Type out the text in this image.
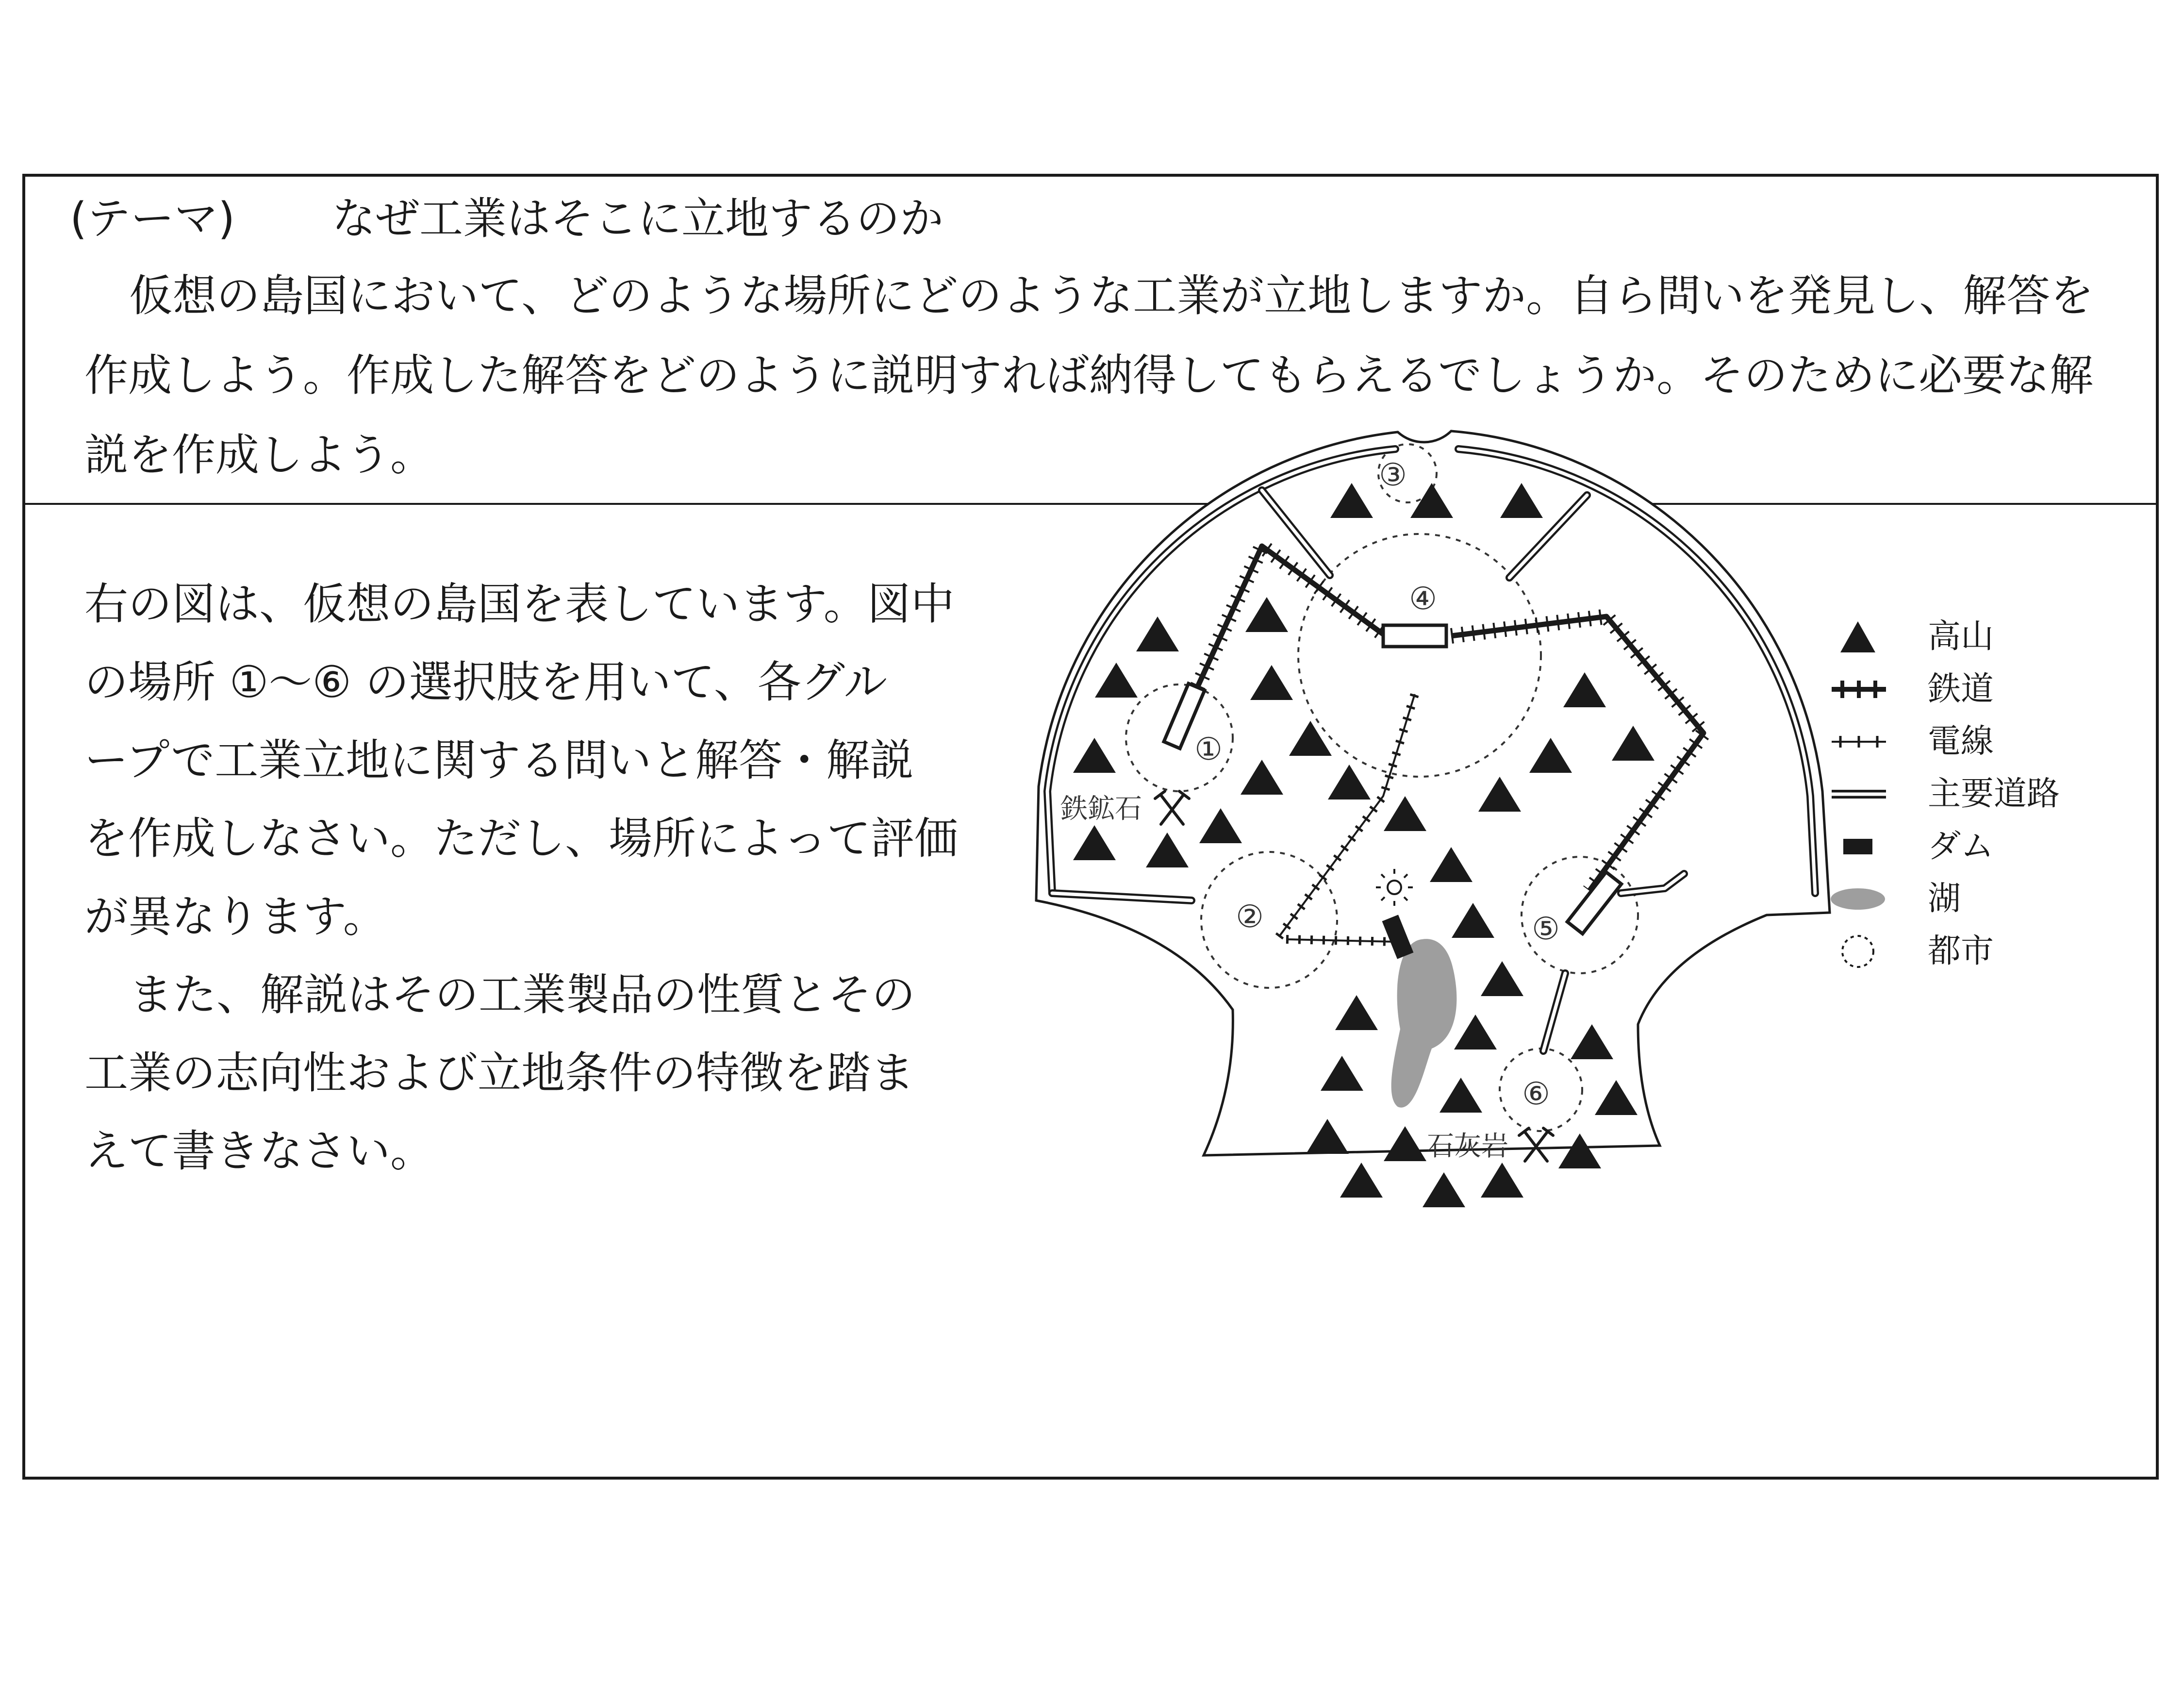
(テーマ) なぜ工業はそこに立地するのか

仮想の島国において、どのような場所にどのような工業が立地しますか。自ら問いを発見し、解答を

作成しよう。作成した解答をどのように説明すれば納得してもらえるでしょうか。そのために必要な解

説を作成しよう。

右の図は、仮想の島国を表しています。図中

の場所 ①～⑥ の選択肢を用いて、各グル

ープで工業立地に関する問いと解答・解説

を作成しなさい。ただし、場所によって評価

が異なります。

また、解説はその工業製品の性質とその

工業の志向性および立地条件の特徴を踏ま

えて書きなさい。

①
②
③
④
⑤
⑥
鉄鉱石
石灰岩
高山
鉄道
電線
主要道路
ダム
湖
都市
